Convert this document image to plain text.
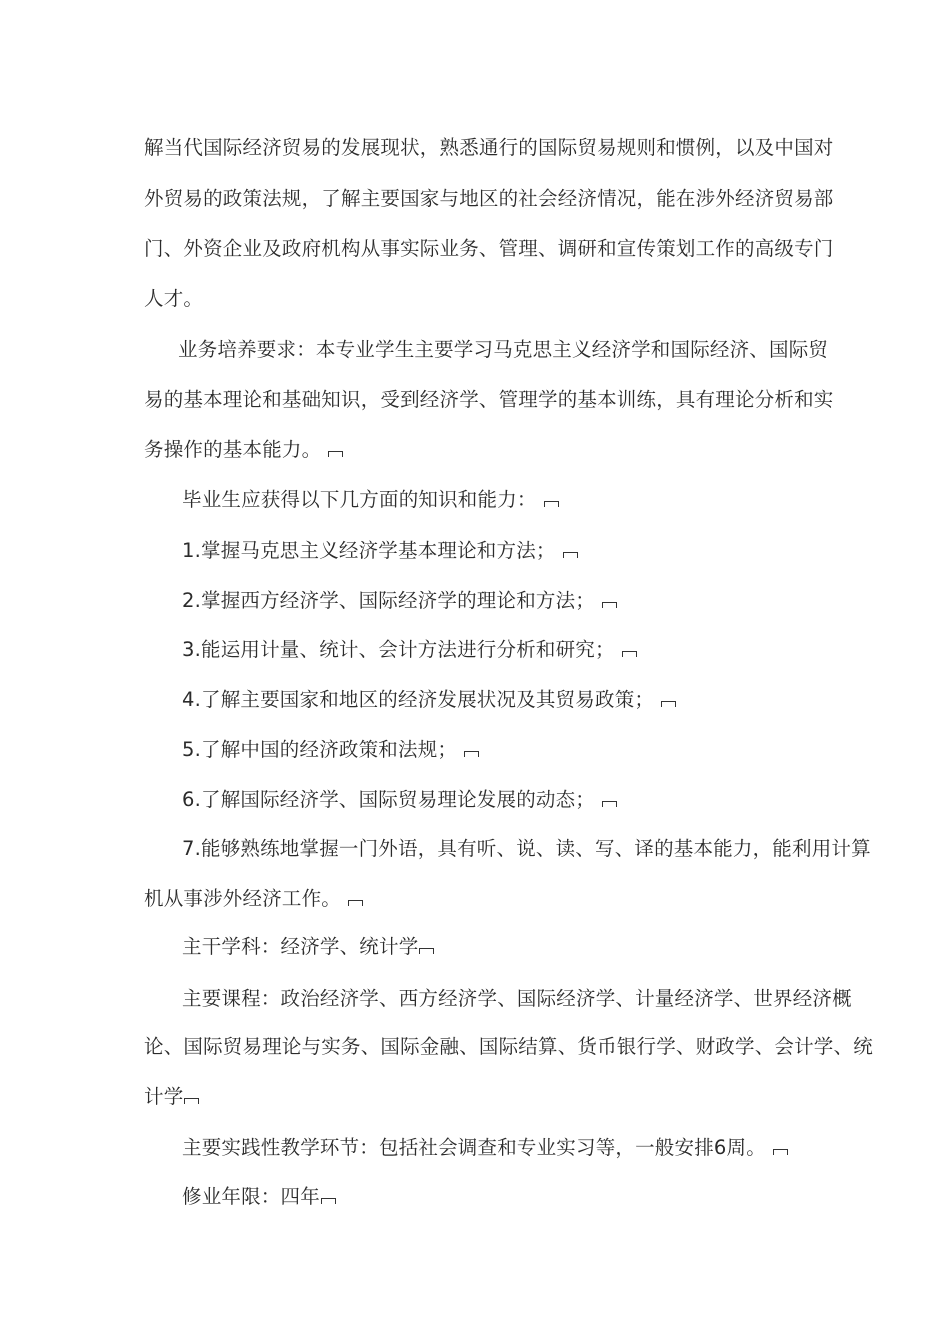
解当代国际经济贸易的发展现状，熟悉通行的国际贸易规则和惯例，以及中国对
外贸易的政策法规，了解主要国家与地区的社会经济情况，能在涉外经济贸易部
门、外资企业及政府机构从事实际业务、管理、调研和宣传策划工作的高级专门
人才。
业务培养要求：本专业学生主要学习马克思主义经济学和国际经济、国际贸
易的基本理论和基础知识，受到经济学、管理学的基本训练，具有理论分析和实
务操作的基本能力。
毕业生应获得以下几方面的知识和能力：
1.掌握马克思主义经济学基本理论和方法；
2.掌握西方经济学、国际经济学的理论和方法；
3.能运用计量、统计、会计方法进行分析和研究；
4.了解主要国家和地区的经济发展状况及其贸易政策；
5.了解中国的经济政策和法规；
6.了解国际经济学、国际贸易理论发展的动态；
7.能够熟练地掌握一门外语，具有听、说、读、写、译的基本能力，能利用计算
机从事涉外经济工作。
主干学科：经济学、统计学
主要课程：政治经济学、西方经济学、国际经济学、计量经济学、世界经济概
论、国际贸易理论与实务、国际金融、国际结算、货币银行学、财政学、会计学、统
计学
主要实践性教学环节：包括社会调查和专业实习等，一般安排6周。
修业年限：四年
